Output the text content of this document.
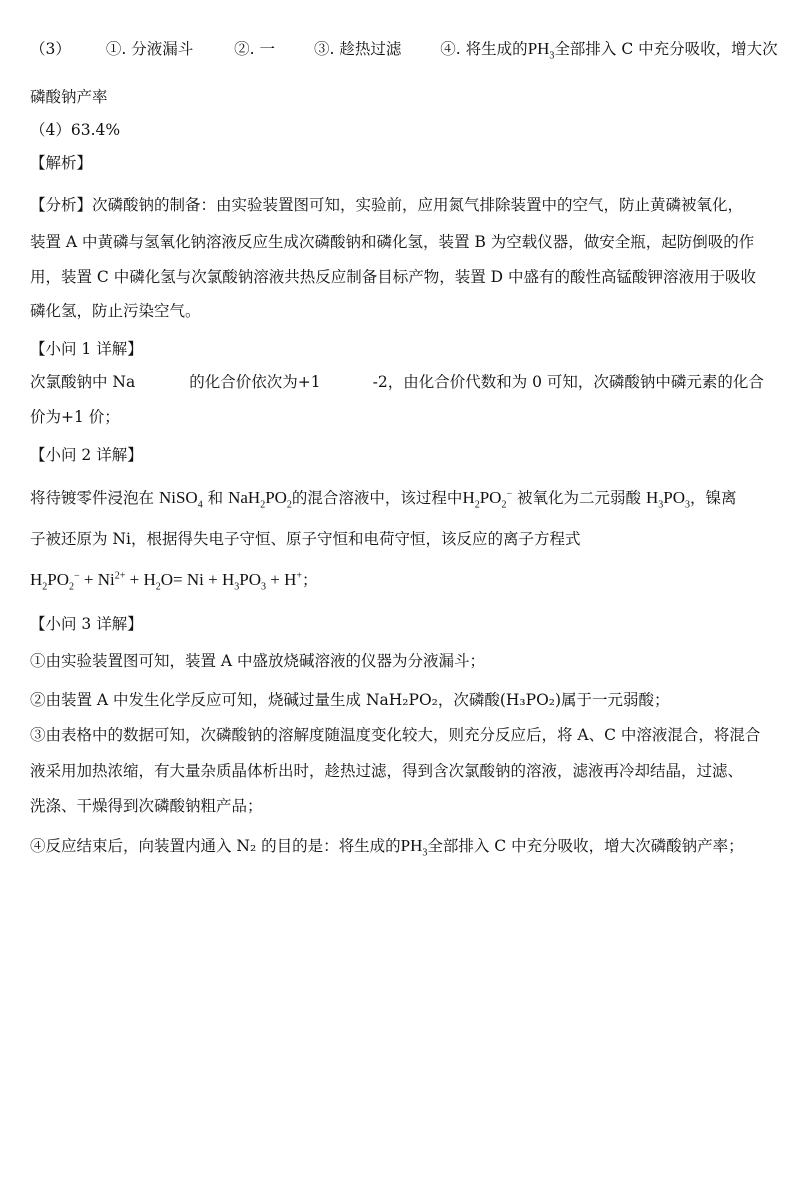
（3） ①. 分液漏斗	②. 一	③. 趁热过滤	④. 将生成的$PH_3$全部排入 C 中充分吸收，增大次
磷酸钠产率
（4）63.4%
【解析】
【分析】次磷酸钠的制备：由实验装置图可知，实验前，应用氮气排除装置中的空气，防止黄磷被氧化，
装置 A 中黄磷与氢氧化钠溶液反应生成次磷酸钠和磷化氢，装置 B 为空载仪器，做安全瓶，起防倒吸的作
用，装置 C 中磷化氢与次氯酸钠溶液共热反应制备目标产物，装置 D 中盛有的酸性高锰酸钾溶液用于吸收
磷化氢，防止污染空气。
【小问 1 详解】
次氯酸钠中 Na	的化合价依次为+1	-2，由化合价代数和为 0 可知，次磷酸钠中磷元素的化合
价为+1 价；
【小问 2 详解】
将待镀零件浸泡在 NiSO$_4$ 和 $NaH_2PO_2$的混合溶液中，该过程中$H_2PO_2^-$ 被氧化为二元弱酸 $H_3PO_3$，镍离
子被还原为 Ni，根据得失电子守恒、原子守恒和电荷守恒，该反应的离子方程式
$H_2PO_2^- + Ni^{2+} + H_2O= Ni + H_3PO_3 + H^+$；
【小问 3 详解】
①由实验装置图可知，装置 A 中盛放烧碱溶液的仪器为分液漏斗；
②由装置 A 中发生化学反应可知，烧碱过量生成 NaH₂PO₂，次磷酸(H₃PO₂)属于一元弱酸；
③由表格中的数据可知，次磷酸钠的溶解度随温度变化较大，则充分反应后，将 A、C 中溶液混合，将混合
液采用加热浓缩，有大量杂质晶体析出时，趁热过滤，得到含次氯酸钠的溶液，滤液再冷却结晶，过滤、
洗涤、干燥得到次磷酸钠粗产品；
④反应结束后，向装置内通入 N₂ 的目的是：将生成的$PH_3$全部排入 C 中充分吸收，增大次磷酸钠产率；
